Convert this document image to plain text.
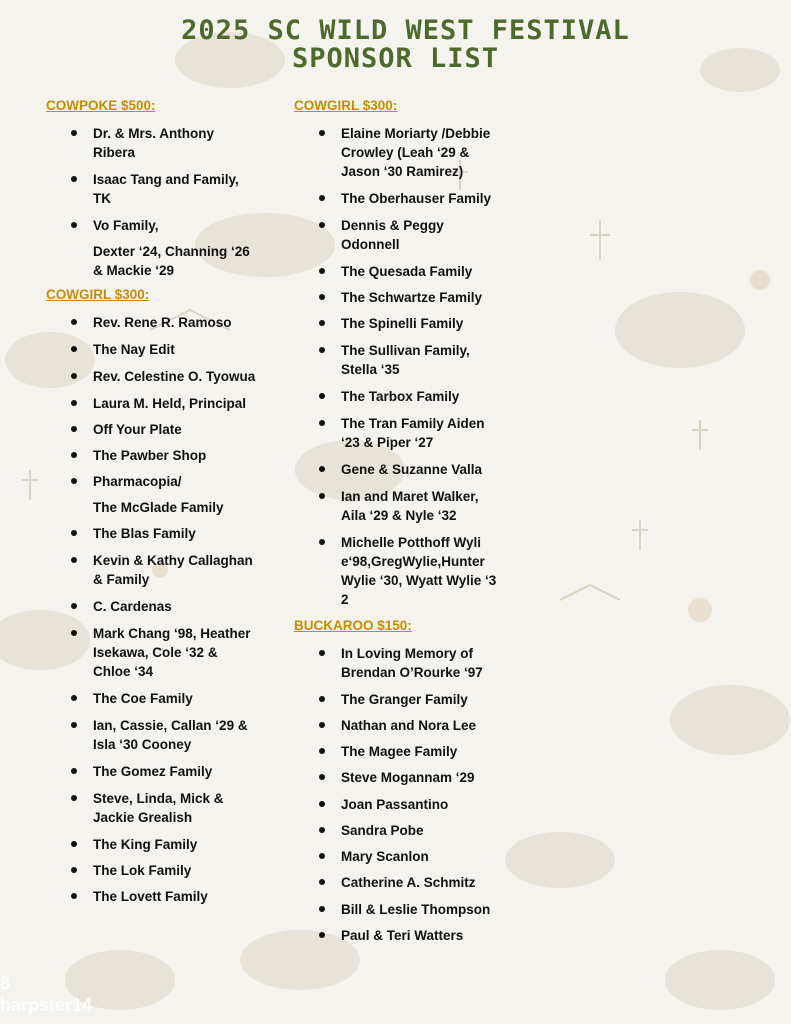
2025 SC WILD WEST FESTIVAL
SPONSOR LIST
COWPOKE $500:
Dr. & Mrs. Anthony Ribera
Isaac Tang and Family, TK
Vo Family,
Dexter ‘24, Channing ‘26 & Mackie ‘29
COWGIRL $300:
Rev. Rene R. Ramoso
The Nay Edit
Rev. Celestine O. Tyowua
Laura M. Held, Principal
Off Your Plate
The Pawber Shop
Pharmacopia/
The McGlade Family
The Blas Family
Kevin & Kathy Callaghan & Family
C. Cardenas
Mark Chang ‘98, Heather Isekawa, Cole ‘32 & Chloe ‘34
The Coe Family
Ian, Cassie, Callan ‘29 & Isla ‘30 Cooney
The Gomez Family
Steve, Linda, Mick & Jackie Grealish
The King Family
The Lok Family
The Lovett Family
COWGIRL $300:
Elaine Moriarty /Debbie Crowley (Leah ‘29 & Jason ‘30 Ramirez)
The Oberhauser Family
Dennis & Peggy Odonnell
The Quesada Family
The Schwartze Family
The Spinelli Family
The Sullivan Family, Stella ‘35
The Tarbox Family
The Tran Family Aiden ‘23 & Piper ‘27
Gene & Suzanne Valla
Ian and Maret Walker, Aila ‘29 & Nyle ‘32
Michelle Potthoff Wylie‘98,GregWylie,Hunter Wylie ‘30, Wyatt Wylie ‘32
BUCKAROO $150:
In Loving Memory of Brendan O’Rourke ‘97
The Granger Family
Nathan and Nora Lee
The Magee Family
Steve Mogannam ‘29
Joan Passantino
Sandra Pobe
Mary Scanlon
Catherine A. Schmitz
Bill & Leslie Thompson
Paul & Teri Watters
8
harpster14
